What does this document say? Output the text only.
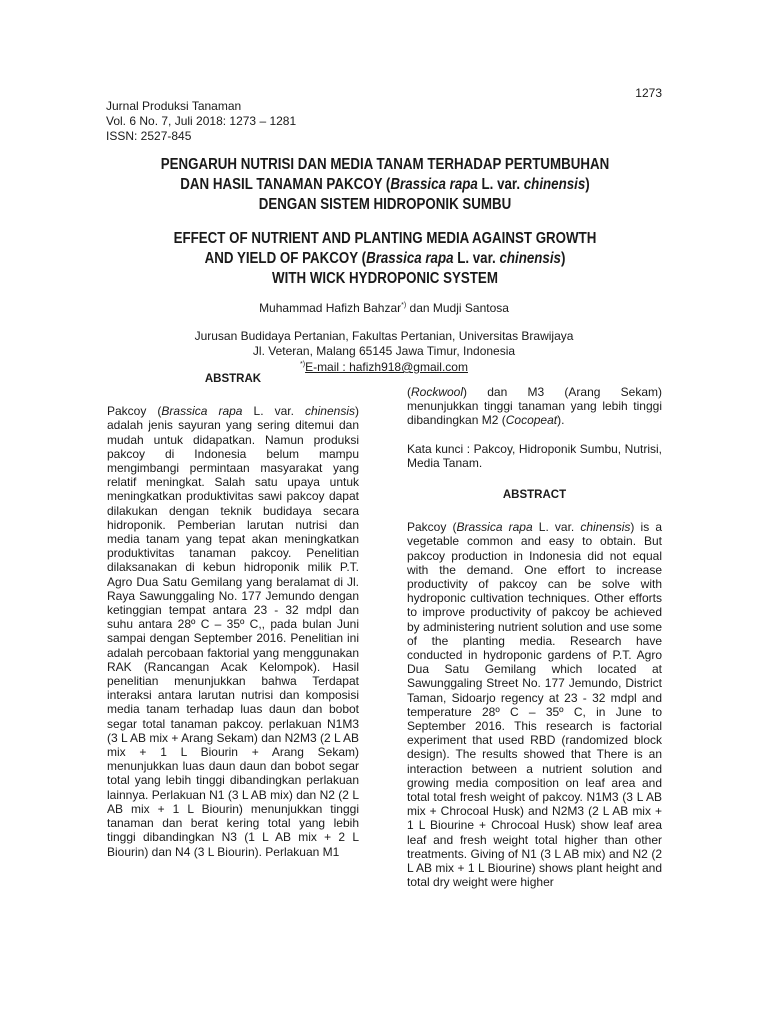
1273
Jurnal Produksi Tanaman
Vol. 6 No. 7, Juli 2018: 1273 – 1281
ISSN: 2527-845
PENGARUH NUTRISI DAN MEDIA TANAM TERHADAP PERTUMBUHAN
DAN HASIL TANAMAN PAKCOY (Brassica rapa L. var. chinensis)
DENGAN SISTEM HIDROPONIK SUMBU
EFFECT OF NUTRIENT AND PLANTING MEDIA AGAINST GROWTH
AND YIELD OF PAKCOY (Brassica rapa L. var. chinensis)
WITH WICK HYDROPONIC SYSTEM
Muhammad Hafizh Bahzar*) dan Mudji Santosa
Jurusan Budidaya Pertanian, Fakultas Pertanian, Universitas Brawijaya
Jl. Veteran, Malang 65145 Jawa Timur, Indonesia
*)E-mail : hafizh918@gmail.com
ABSTRAK
Pakcoy (Brassica rapa L. var. chinensis) adalah jenis sayuran yang sering ditemui dan mudah untuk didapatkan. Namun produksi pakcoy di Indonesia belum mampu mengimbangi permintaan masyarakat yang relatif meningkat. Salah satu upaya untuk meningkatkan produktivitas sawi pakcoy dapat dilakukan dengan teknik budidaya secara hidroponik. Pemberian larutan nutrisi dan media tanam yang tepat akan meningkatkan produktivitas tanaman pakcoy. Penelitian dilaksanakan di kebun hidroponik milik P.T. Agro Dua Satu Gemilang yang beralamat di Jl. Raya Sawunggaling No. 177 Jemundo dengan ketinggian tempat antara 23 - 32 mdpl dan suhu antara 28º C – 35º C,, pada bulan Juni sampai dengan September 2016. Penelitian ini adalah percobaan faktorial yang menggunakan RAK (Rancangan Acak Kelompok). Hasil penelitian menunjukkan bahwa Terdapat interaksi antara larutan nutrisi dan komposisi media tanam terhadap luas daun dan bobot segar total tanaman pakcoy. perlakuan N1M3 (3 L AB mix + Arang Sekam) dan N2M3 (2 L AB mix + 1 L Biourin + Arang Sekam) menunjukkan luas daun daun dan bobot segar total yang lebih tinggi dibandingkan perlakuan lainnya. Perlakuan N1 (3 L AB mix) dan N2 (2 L AB mix + 1 L Biourin) menunjukkan tinggi tanaman dan berat kering total yang lebih tinggi dibandingkan N3 (1 L AB mix + 2 L Biourin) dan N4 (3 L Biourin). Perlakuan M1
(Rockwool) dan M3 (Arang Sekam) menunjukkan tinggi tanaman yang lebih tinggi dibandingkan M2 (Cocopeat).
Kata kunci : Pakcoy, Hidroponik Sumbu, Nutrisi, Media Tanam.
ABSTRACT
Pakcoy (Brassica rapa L. var. chinensis) is a vegetable common and easy to obtain. But pakcoy production in Indonesia did not equal with the demand. One effort to increase productivity of pakcoy can be solve with hydroponic cultivation techniques. Other efforts to improve productivity of pakcoy be achieved by administering nutrient solution and use some of the planting media. Research have conducted in hydroponic gardens of P.T. Agro Dua Satu Gemilang which located at Sawunggaling Street No. 177 Jemundo, District Taman, Sidoarjo regency at 23 - 32 mdpl and temperature 28º C – 35º C, in June to September 2016. This research is factorial experiment that used RBD (randomized block design). The results showed that There is an interaction between a nutrient solution and growing media composition on leaf area and total total fresh weight of pakcoy. N1M3 (3 L AB mix + Chrocoal Husk) and N2M3 (2 L AB mix + 1 L Biourine + Chrocoal Husk) show leaf area leaf and fresh weight total higher than other treatments. Giving of N1 (3 L AB mix) and N2 (2 L AB mix + 1 L Biourine) shows plant height and total dry weight were higher
